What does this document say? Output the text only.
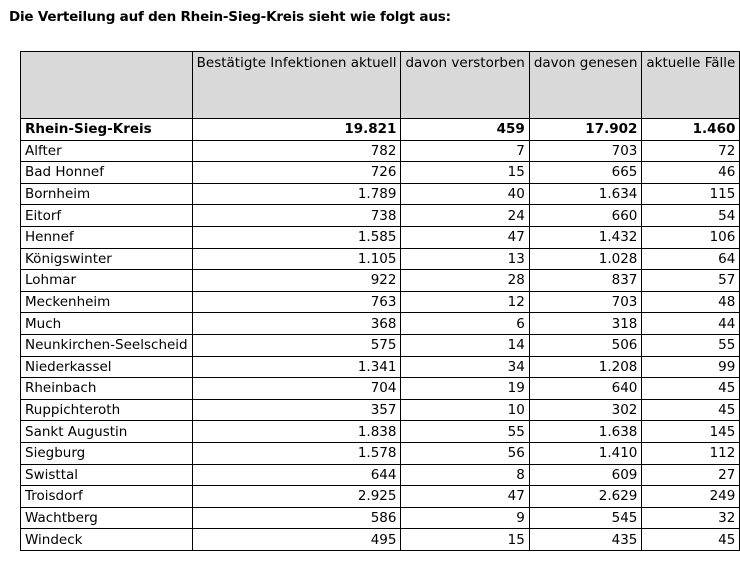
Die Verteilung auf den Rhein-Sieg-Kreis sieht wie folgt aus:
	Bestätigte Infektionen aktuell	davon verstorben	davon genesen	aktuelle Fälle
Rhein-Sieg-Kreis	19.821	459	17.902	1.460
Alfter	782	7	703	72
Bad Honnef	726	15	665	46
Bornheim	1.789	40	1.634	115
Eitorf	738	24	660	54
Hennef	1.585	47	1.432	106
Königswinter	1.105	13	1.028	64
Lohmar	922	28	837	57
Meckenheim	763	12	703	48
Much	368	6	318	44
Neunkirchen-Seelscheid	575	14	506	55
Niederkassel	1.341	34	1.208	99
Rheinbach	704	19	640	45
Ruppichteroth	357	10	302	45
Sankt Augustin	1.838	55	1.638	145
Siegburg	1.578	56	1.410	112
Swisttal	644	8	609	27
Troisdorf	2.925	47	2.629	249
Wachtberg	586	9	545	32
Windeck	495	15	435	45
